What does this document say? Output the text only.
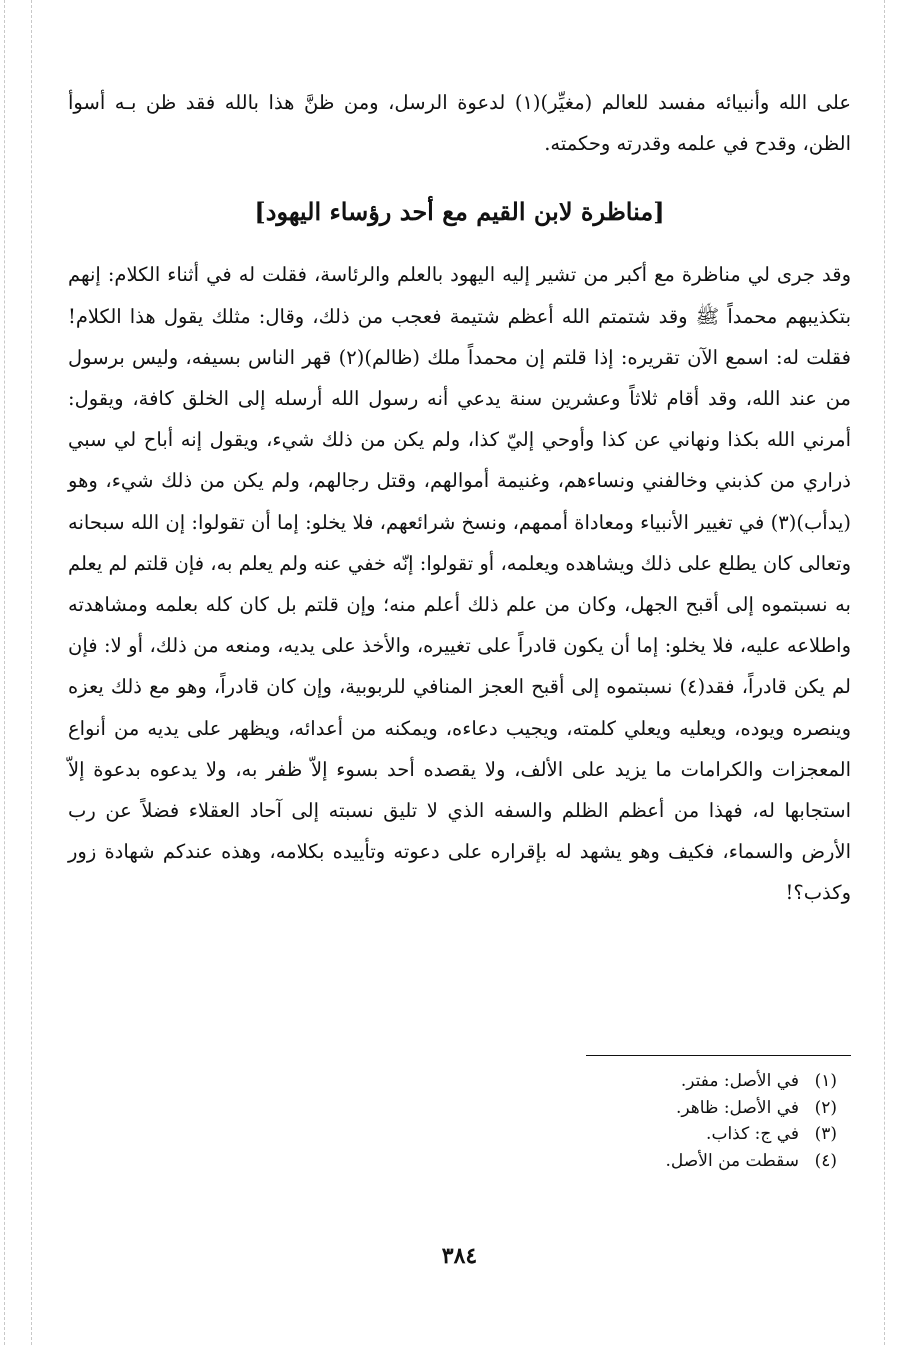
على الله وأنبيائه مفسد للعالم (مغيِّر)(١) لدعوة الرسل، ومن ظنَّ هذا بالله فقد ظن بـه أسوأ الظن، وقدح في علمه وقدرته وحكمته.

[مناظرة لابن القيم مع أحد رؤساء اليهود]

وقد جرى لي مناظرة مع أكبر من تشير إليه اليهود بالعلم والرئاسة، فقلت له في أثناء الكلام: إنهم بتكذيبهم محمداً ﷺ وقد شتمتم الله أعظم شتيمة فعجب من ذلك، وقال: مثلك يقول هذا الكلام! فقلت له: اسمع الآن تقريره: إذا قلتم إن محمداً ملك (ظالم)(٢) قهر الناس بسيفه، وليس برسول من عند الله، وقد أقام ثلاثاً وعشرين سنة يدعي أنه رسول الله أرسله إلى الخلق كافة، ويقول: أمرني الله بكذا ونهاني عن كذا وأوحي إليّ كذا، ولم يكن من ذلك شيء، ويقول إنه أباح لي سبي ذراري من كذبني وخالفني ونساءهم، وغنيمة أموالهم، وقتل رجالهم، ولم يكن من ذلك شيء، وهو (يدأب)(٣) في تغيير الأنبياء ومعاداة أممهم، ونسخ شرائعهم، فلا يخلو: إما أن تقولوا: إن الله سبحانه وتعالى كان يطلع على ذلك ويشاهده ويعلمه، أو تقولوا: إنّه خفي عنه ولم يعلم به، فإن قلتم لم يعلم به نسبتموه إلى أقبح الجهل، وكان من علم ذلك أعلم منه؛ وإن قلتم بل كان كله بعلمه ومشاهدته واطلاعه عليه، فلا يخلو: إما أن يكون قادراً على تغييره، والأخذ على يديه، ومنعه من ذلك، أو لا: فإن لم يكن قادراً، فقد(٤) نسبتموه إلى أقبح العجز المنافي للربوبية، وإن كان قادراً، وهو مع ذلك يعزه وينصره ويوده، ويعليه ويعلي كلمته، ويجيب دعاءه، ويمكنه من أعدائه، ويظهر على يديه من أنواع المعجزات والكرامات ما يزيد على الألف، ولا يقصده أحد بسوء إلاّ ظفر به، ولا يدعوه بدعوة إلاّ استجابها له، فهذا من أعظم الظلم والسفه الذي لا تليق نسبته إلى آحاد العقلاء فضلاً عن رب الأرض والسماء، فكيف وهو يشهد له بإقراره على دعوته وتأييده بكلامه، وهذه عندكم شهادة زور وكذب؟!

(١)
في الأصل: مفتر.
(٢)
في الأصل: ظاهر.
(٣)
في ج: كذاب.
(٤)
سقطت من الأصل.
٣٨٤
